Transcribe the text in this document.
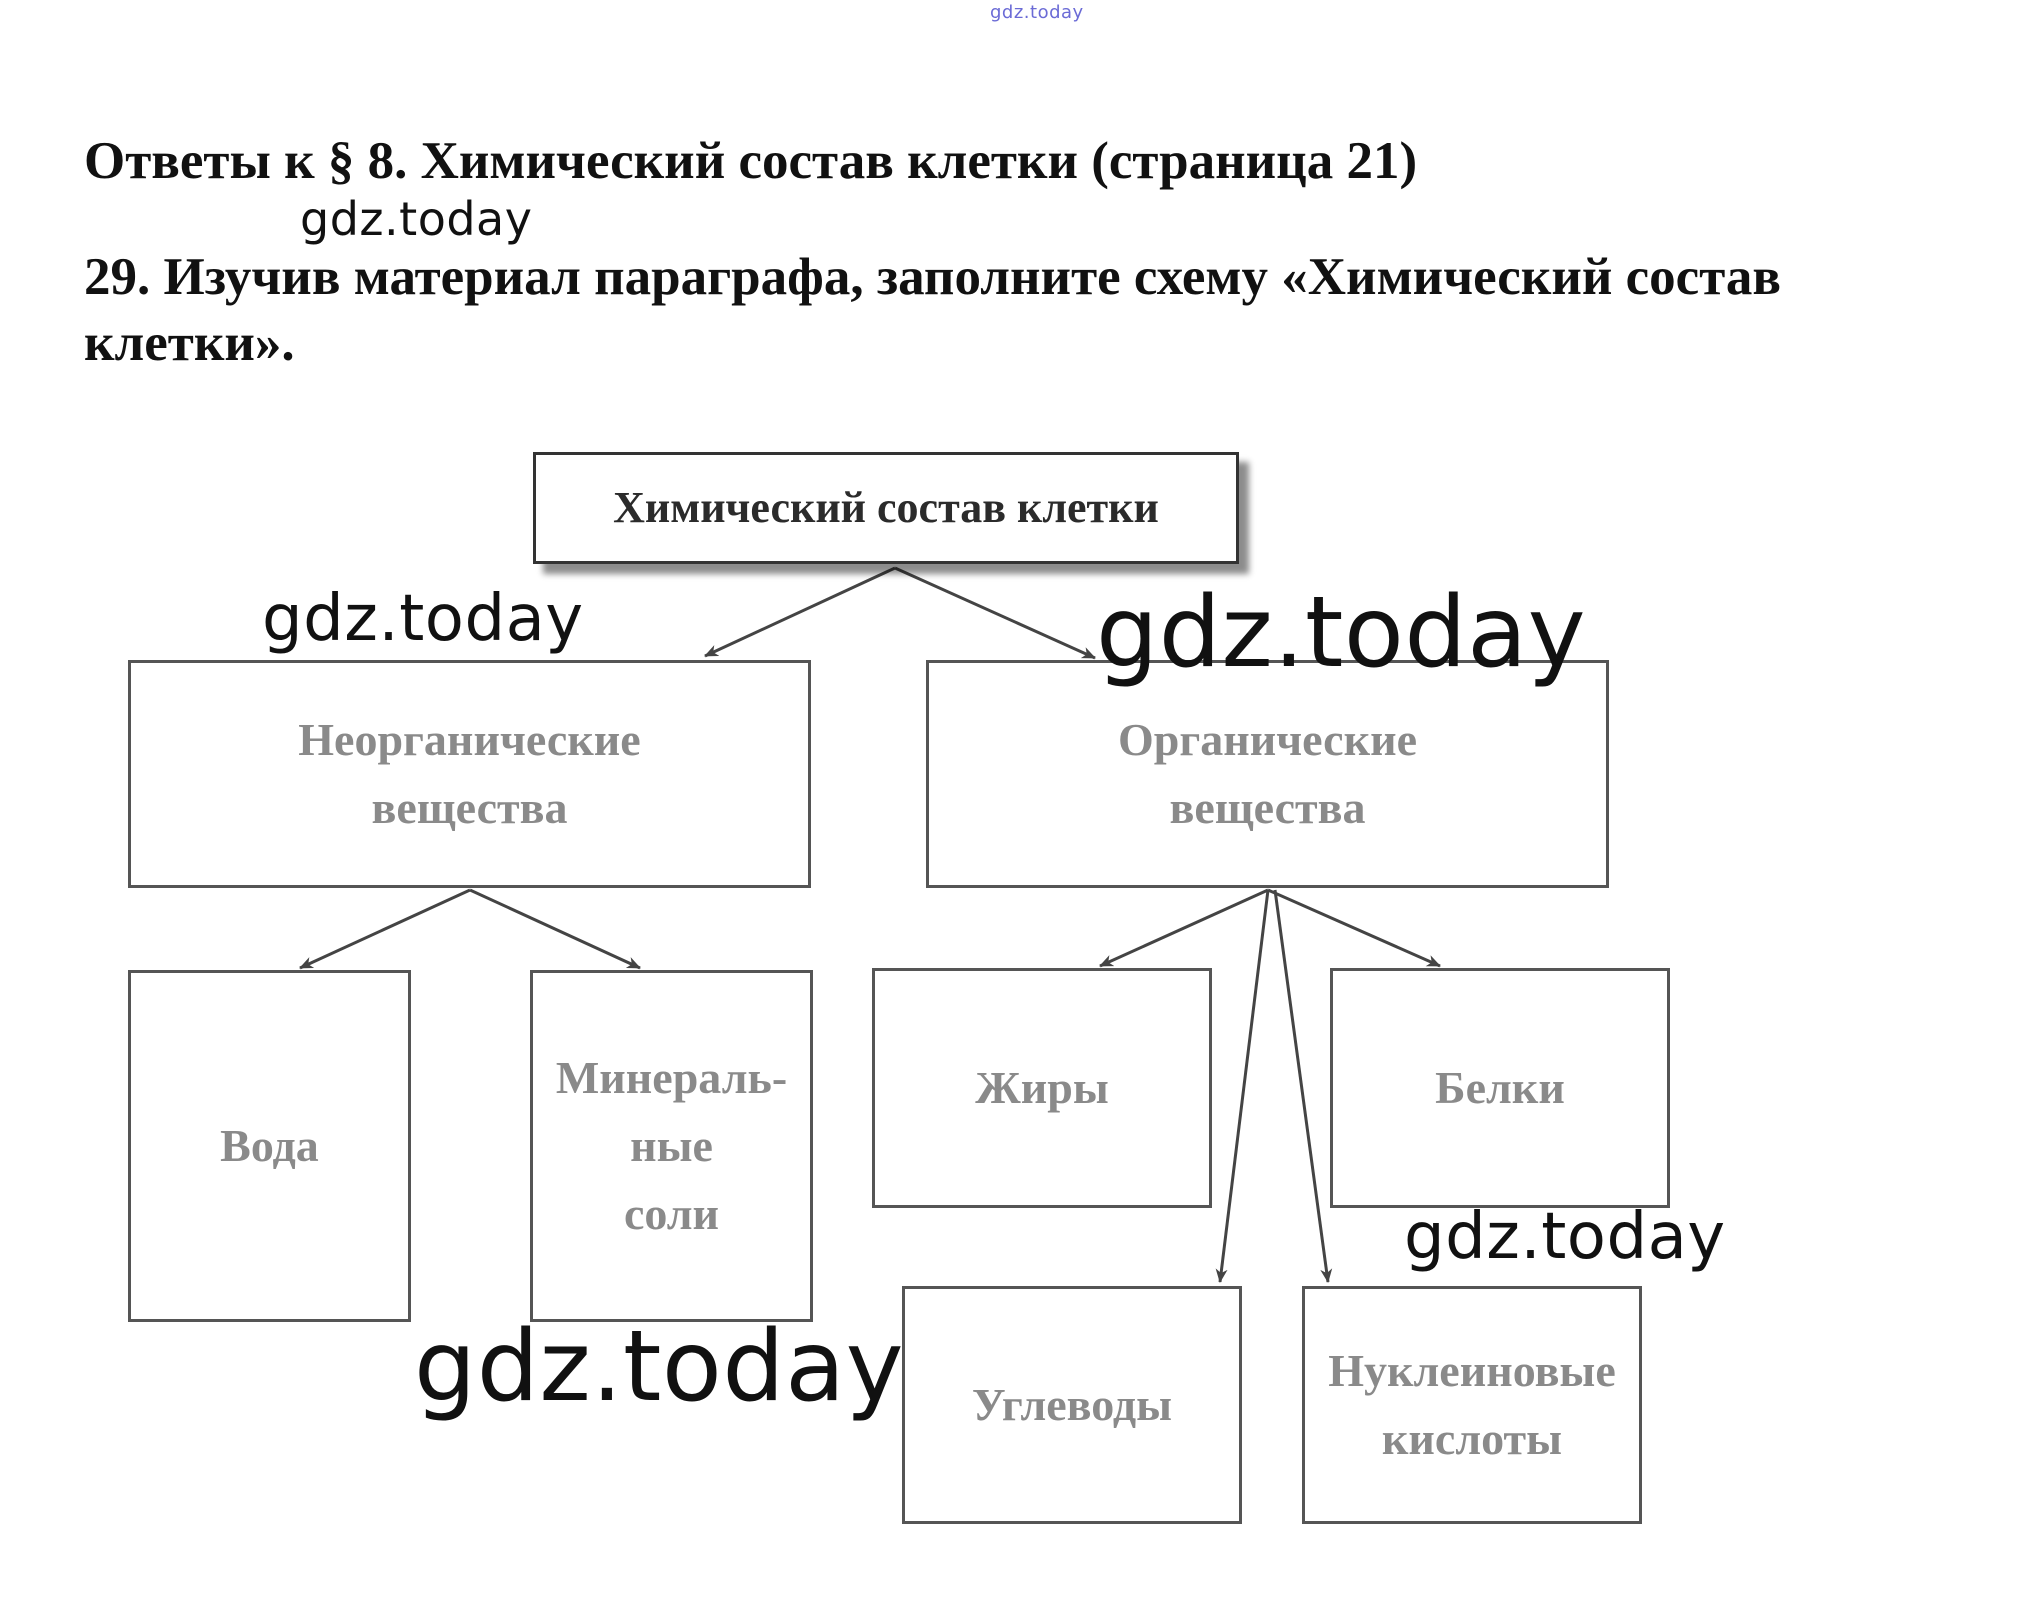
gdz.today
Ответы к § 8. Химический состав клетки (страница 21)
gdz.today
29. Изучив материал параграфа, заполните схему «Химический состав
клетки».
Химический состав клетки
Неорганические
вещества
Органические
вещества
Вода
Минераль-
ные
соли
Жиры	Белки
Углеводы
Нуклеиновые
кислоты
gdz.today	gdz.today
gdz.today
gdz.today
